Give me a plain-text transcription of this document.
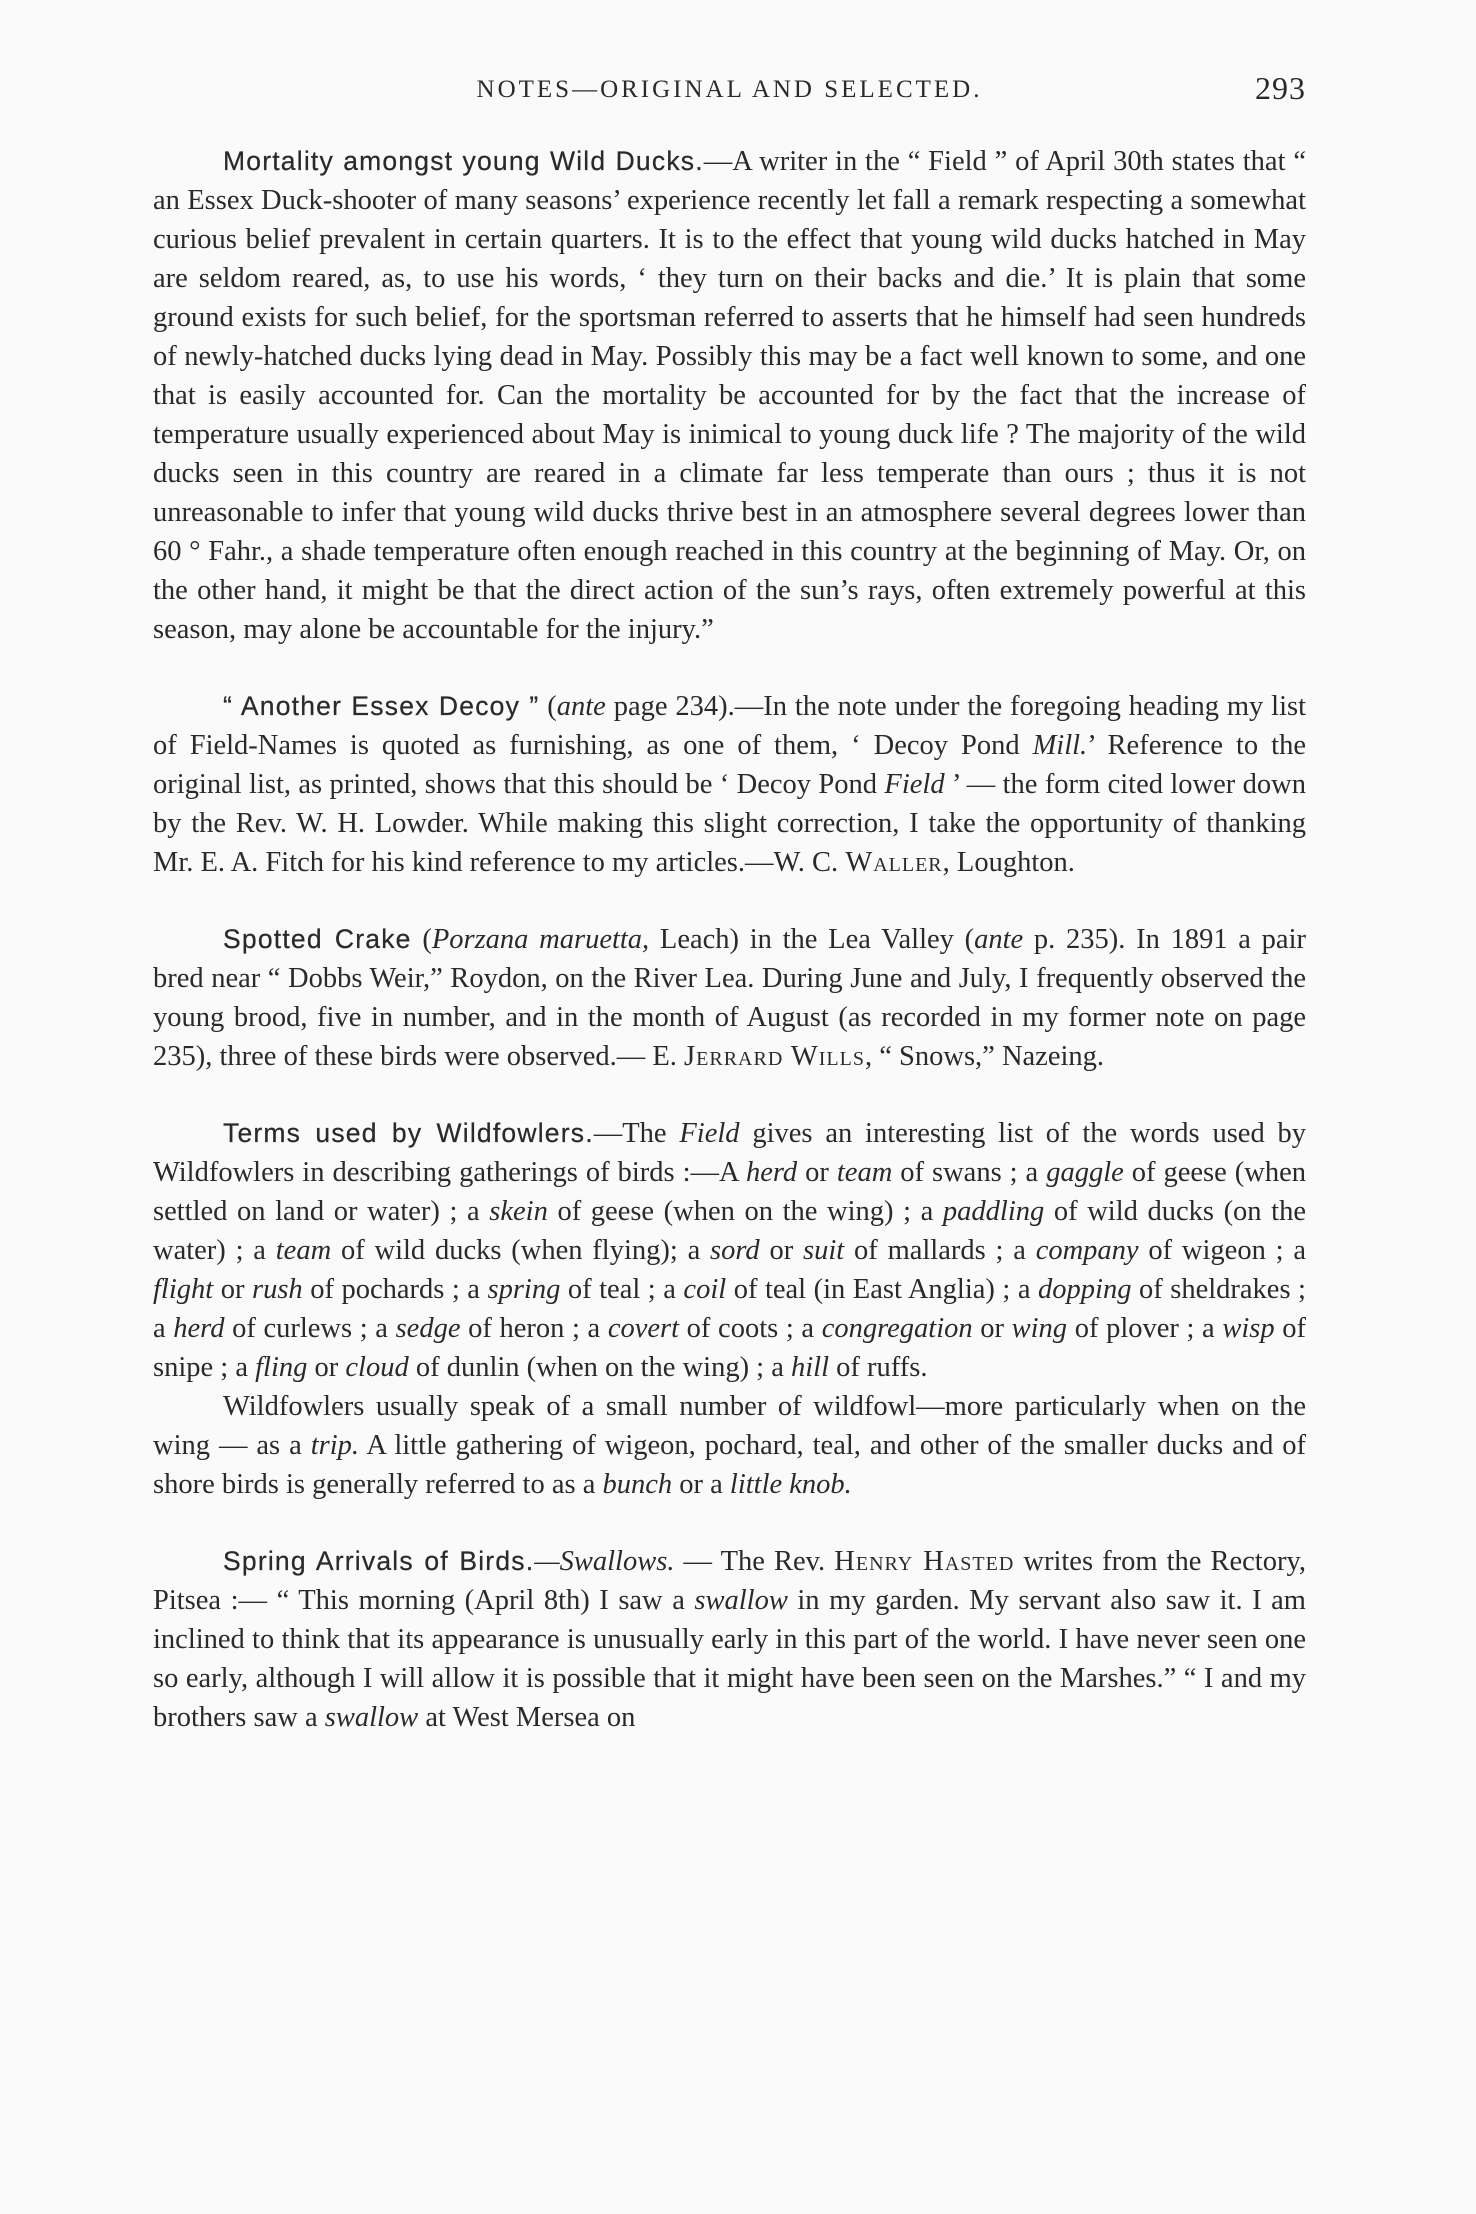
NOTES—ORIGINAL AND SELECTED.	293

Mortality amongst young Wild Ducks.—A writer in the “ Field ” of April 30th states that “ an Essex Duck-shooter of many seasons’ experience recently let fall a remark respecting a somewhat curious belief prevalent in certain quarters. It is to the effect that young wild ducks hatched in May are seldom reared, as, to use his words, ‘ they turn on their backs and die.’ It is plain that some ground exists for such belief, for the sportsman referred to asserts that he himself had seen hundreds of newly-hatched ducks lying dead in May. Possibly this may be a fact well known to some, and one that is easily accounted for. Can the mortality be accounted for by the fact that the increase of temperature usually experienced about May is inimical to young duck life ? The majority of the wild ducks seen in this country are reared in a climate far less temperate than ours ; thus it is not unreasonable to infer that young wild ducks thrive best in an atmosphere several degrees lower than 60 ° Fahr., a shade temperature often enough reached in this country at the beginning of May. Or, on the other hand, it might be that the direct action of the sun’s rays, often extremely powerful at this season, may alone be accountable for the injury.”

“ Another Essex Decoy ” (ante page 234).—In the note under the foregoing heading my list of Field-Names is quoted as furnishing, as one of them, ‘ Decoy Pond Mill.’ Reference to the original list, as printed, shows that this should be ‘ Decoy Pond Field ’ — the form cited lower down by the Rev. W. H. Lowder. While making this slight correction, I take the opportunity of thanking Mr. E. A. Fitch for his kind reference to my articles.—W. C. Waller, Loughton.

Spotted Crake (Porzana maruetta, Leach) in the Lea Valley (ante p. 235). In 1891 a pair bred near “ Dobbs Weir,” Roydon, on the River Lea. During June and July, I frequently observed the young brood, five in number, and in the month of August (as recorded in my former note on page 235), three of these birds were observed.— E. Jerrard Wills, “ Snows,” Nazeing.

Terms used by Wildfowlers.—The Field gives an interesting list of the words used by Wildfowlers in describing gatherings of birds :—A herd or team of swans ; a gaggle of geese (when settled on land or water) ; a skein of geese (when on the wing) ; a paddling of wild ducks (on the water) ; a team of wild ducks (when flying); a sord or suit of mallards ; a company of wigeon ; a flight or rush of pochards ; a spring of teal ; a coil of teal (in East Anglia) ; a dopping of sheldrakes ; a herd of curlews ; a sedge of heron ; a covert of coots ; a congregation or wing of plover ; a wisp of snipe ; a fling or cloud of dunlin (when on the wing) ; a hill of ruffs.

Wildfowlers usually speak of a small number of wildfowl—more particularly when on the wing — as a trip. A little gathering of wigeon, pochard, teal, and other of the smaller ducks and of shore birds is generally referred to as a bunch or a little knob.

Spring Arrivals of Birds.—Swallows. — The Rev. Henry Hasted writes from the Rectory, Pitsea :— “ This morning (April 8th) I saw a swallow in my garden. My servant also saw it. I am inclined to think that its appearance is unusually early in this part of the world. I have never seen one so early, although I will allow it is possible that it might have been seen on the Marshes.” “ I and my brothers saw a swallow at West Mersea on
